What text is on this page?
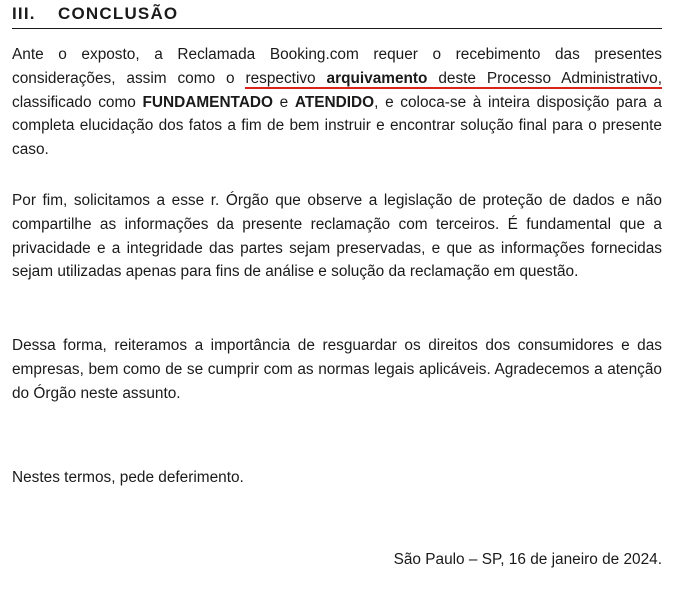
III. CONCLUSÃO

Ante o exposto, a Reclamada Booking.com requer o recebimento das presentes considerações, assim como o respectivo arquivamento deste Processo Administrativo, classificado como FUNDAMENTADO e ATENDIDO, e coloca-se à inteira disposição para a completa elucidação dos fatos a fim de bem instruir e encontrar solução final para o presente caso.

Por fim, solicitamos a esse r. Órgão que observe a legislação de proteção de dados e não compartilhe as informações da presente reclamação com terceiros. É fundamental que a privacidade e a integridade das partes sejam preservadas, e que as informações fornecidas sejam utilizadas apenas para fins de análise e solução da reclamação em questão.

Dessa forma, reiteramos a importância de resguardar os direitos dos consumidores e das empresas, bem como de se cumprir com as normas legais aplicáveis. Agradecemos a atenção do Órgão neste assunto.

Nestes termos, pede deferimento.
São Paulo – SP, 16 de janeiro de 2024.
